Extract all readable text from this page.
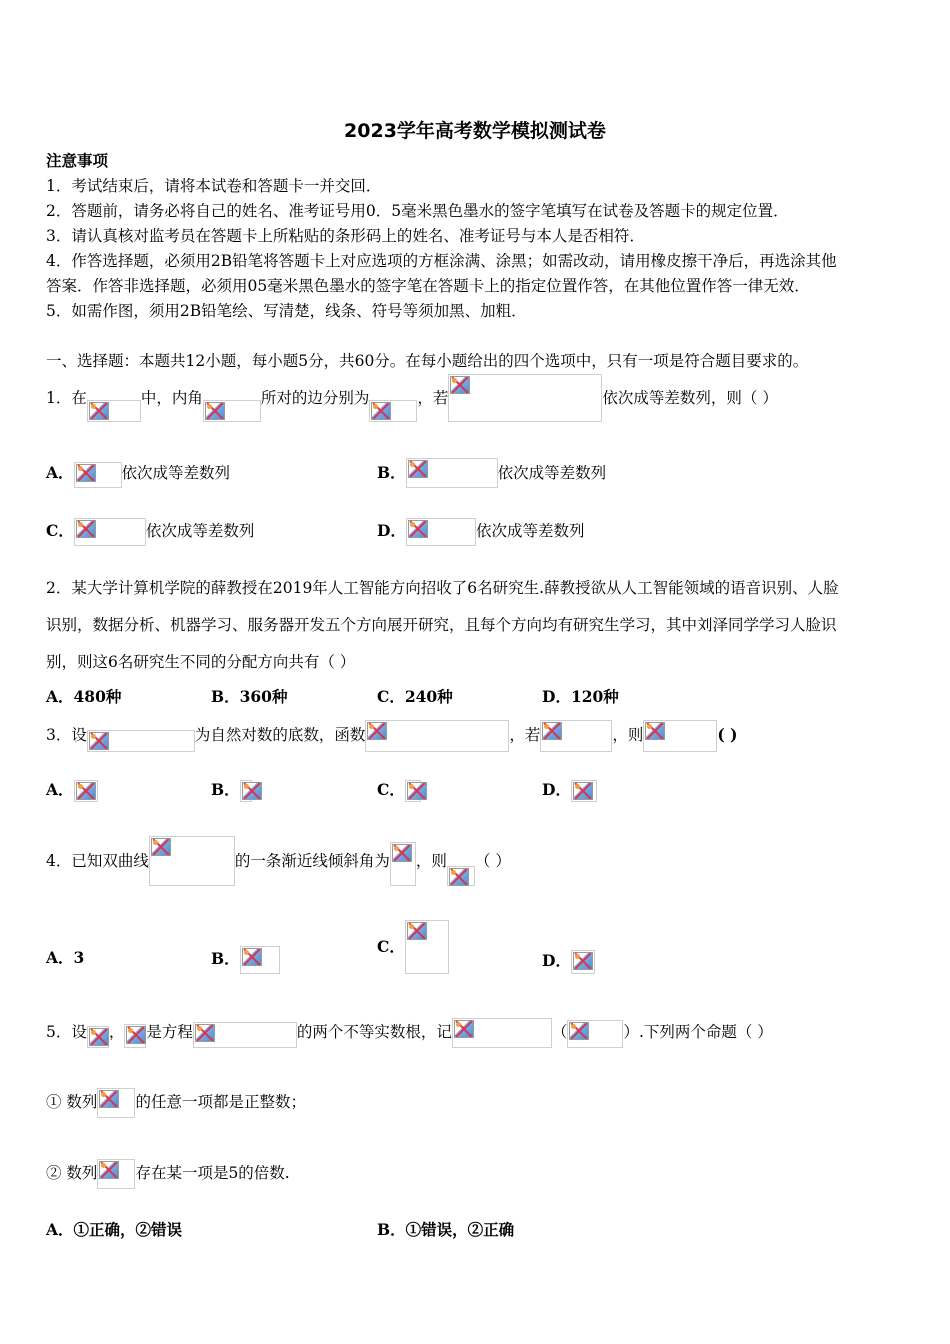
2023学年高考数学模拟测试卷
注意事项
1．考试结束后，请将本试卷和答题卡一并交回．
2．答题前，请务必将自己的姓名、准考证号用0．5毫米黑色墨水的签字笔填写在试卷及答题卡的规定位置．
3．请认真核对监考员在答题卡上所粘贴的条形码上的姓名、准考证号与本人是否相符．
4．作答选择题，必须用2B铅笔将答题卡上对应选项的方框涂满、涂黑；如需改动，请用橡皮擦干净后，再选涂其他
答案．作答非选择题，必须用05毫米黑色墨水的签字笔在答题卡上的指定位置作答，在其他位置作答一律无效．
5．如需作图，须用2B铅笔绘、写清楚，线条、符号等须加黑、加粗．
一、选择题：本题共12小题，每小题5分，共60分。在每小题给出的四个选项中，只有一项是符合题目要求的。
1．在	中，内角	所对的边分别为	，若	依次成等差数列，则（ ）
A．	依次成等差数列	B．	依次成等差数列
C．	依次成等差数列	D．	依次成等差数列
2．某大学计算机学院的薛教授在2019年人工智能方向招收了6名研究生.薛教授欲从人工智能领域的语音识别、人脸
识别，数据分析、机器学习、服务器开发五个方向展开研究，且每个方向均有研究生学习，其中刘泽同学学习人脸识
别，则这6名研究生不同的分配方向共有（ ）
A．480种	B．360种	C．240种	D．120种
3．设	为自然对数的底数，函数	，若	，则	( )
A．	B．	C．	D．
4．已知双曲线	的一条渐近线倾斜角为 ，则 （ ）
A．3	B．
C．
D．
5．设 ， 是方程	的两个不等实数根，记	（	）.下列两个命题（ ）
① 数列 的任意一项都是正整数；
② 数列 存在某一项是5的倍数.
A．①正确，②错误	B．①错误，②正确
